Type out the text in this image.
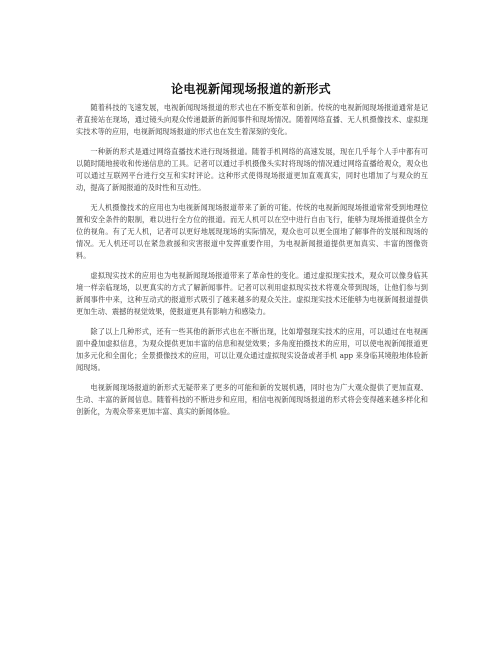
论电视新闻现场报道的新形式

随着科技的飞速发展，电视新闻现场报道的形式也在不断变革和创新。传统的电视新闻现场报道通常是记者直接站在现场，通过镜头向观众传递最新的新闻事件和现场情况。随着网络直播、无人机摄像技术、虚拟现实技术等的应用，电视新闻现场报道的形式也在发生着深刻的变化。

一种新的形式是通过网络直播技术进行现场报道。随着手机网络的高速发展，现在几乎每个人手中都有可以随时随地接收和传递信息的工具。记者可以通过手机摄像头实时将现场的情况通过网络直播给观众，观众也可以通过互联网平台进行交互和实时评论。这种形式使得现场报道更加直观真实，同时也增加了与观众的互动，提高了新闻报道的及时性和互动性。

无人机摄像技术的应用也为电视新闻现场报道带来了新的可能。传统的电视新闻现场报道常常受到地理位置和安全条件的限制，难以进行全方位的报道。而无人机可以在空中进行自由飞行，能够为现场报道提供全方位的视角。有了无人机，记者可以更好地展现现场的实际情况，观众也可以更全面地了解事件的发展和现场的情况。无人机还可以在紧急救援和灾害报道中发挥重要作用，为电视新闻报道提供更加真实、丰富的图像资料。

虚拟现实技术的应用也为电视新闻现场报道带来了革命性的变化。通过虚拟现实技术，观众可以像身临其境一样亲临现场，以更真实的方式了解新闻事件。记者可以利用虚拟现实技术将观众带到现场，让他们参与到新闻事件中来，这种互动式的报道形式吸引了越来越多的观众关注。虚拟现实技术还能够为电视新闻报道提供更加生动、震撼的视觉效果，使报道更具有影响力和感染力。

除了以上几种形式，还有一些其他的新形式也在不断出现，比如增强现实技术的应用，可以通过在电视画面中叠加虚拟信息，为观众提供更加丰富的信息和视觉效果；多角度拍摄技术的应用，可以使电视新闻报道更加多元化和全面化；全景摄像技术的应用，可以让观众通过虚拟现实设备或者手机 app 来身临其境般地体验新闻现场。

电视新闻现场报道的新形式无疑带来了更多的可能和新的发展机遇，同时也为广大观众提供了更加直观、生动、丰富的新闻信息。随着科技的不断进步和应用，相信电视新闻现场报道的形式将会变得越来越多样化和创新化，为观众带来更加丰富、真实的新闻体验。
